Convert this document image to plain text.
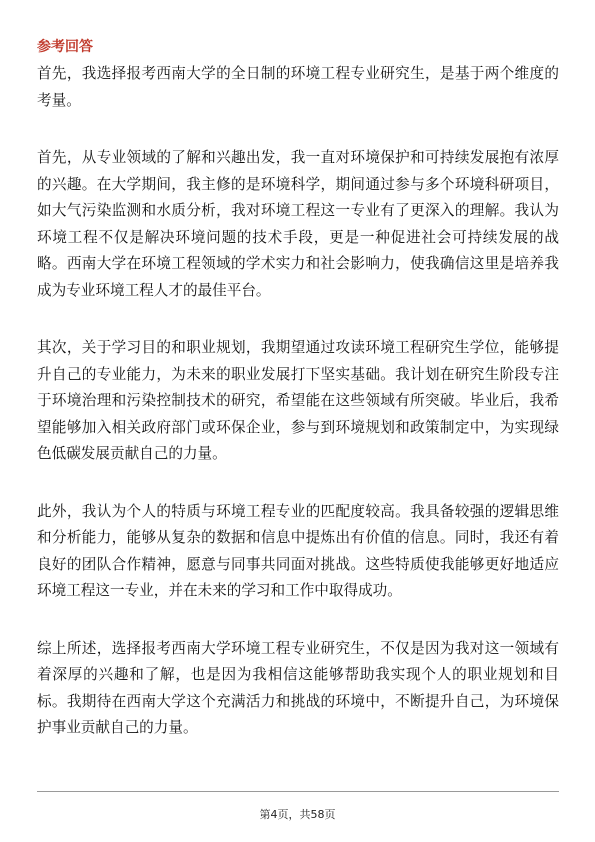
参考回答

首先，我选择报考西南大学的全日制的环境工程专业研究生，是基于两个维度的考量。

首先，从专业领域的了解和兴趣出发，我一直对环境保护和可持续发展抱有浓厚的兴趣。在大学期间，我主修的是环境科学，期间通过参与多个环境科研项目，如大气污染监测和水质分析，我对环境工程这一专业有了更深入的理解。我认为环境工程不仅是解决环境问题的技术手段，更是一种促进社会可持续发展的战略。西南大学在环境工程领域的学术实力和社会影响力，使我确信这里是培养我成为专业环境工程人才的最佳平台。

其次，关于学习目的和职业规划，我期望通过攻读环境工程研究生学位，能够提升自己的专业能力，为未来的职业发展打下坚实基础。我计划在研究生阶段专注于环境治理和污染控制技术的研究，希望能在这些领域有所突破。毕业后，我希望能够加入相关政府部门或环保企业，参与到环境规划和政策制定中，为实现绿色低碳发展贡献自己的力量。

此外，我认为个人的特质与环境工程专业的匹配度较高。我具备较强的逻辑思维和分析能力，能够从复杂的数据和信息中提炼出有价值的信息。同时，我还有着良好的团队合作精神，愿意与同事共同面对挑战。这些特质使我能够更好地适应环境工程这一专业，并在未来的学习和工作中取得成功。

综上所述，选择报考西南大学环境工程专业研究生，不仅是因为我对这一领域有着深厚的兴趣和了解，也是因为我相信这能够帮助我实现个人的职业规划和目标。我期待在西南大学这个充满活力和挑战的环境中，不断提升自己，为环境保护事业贡献自己的力量。

第4页，共58页
